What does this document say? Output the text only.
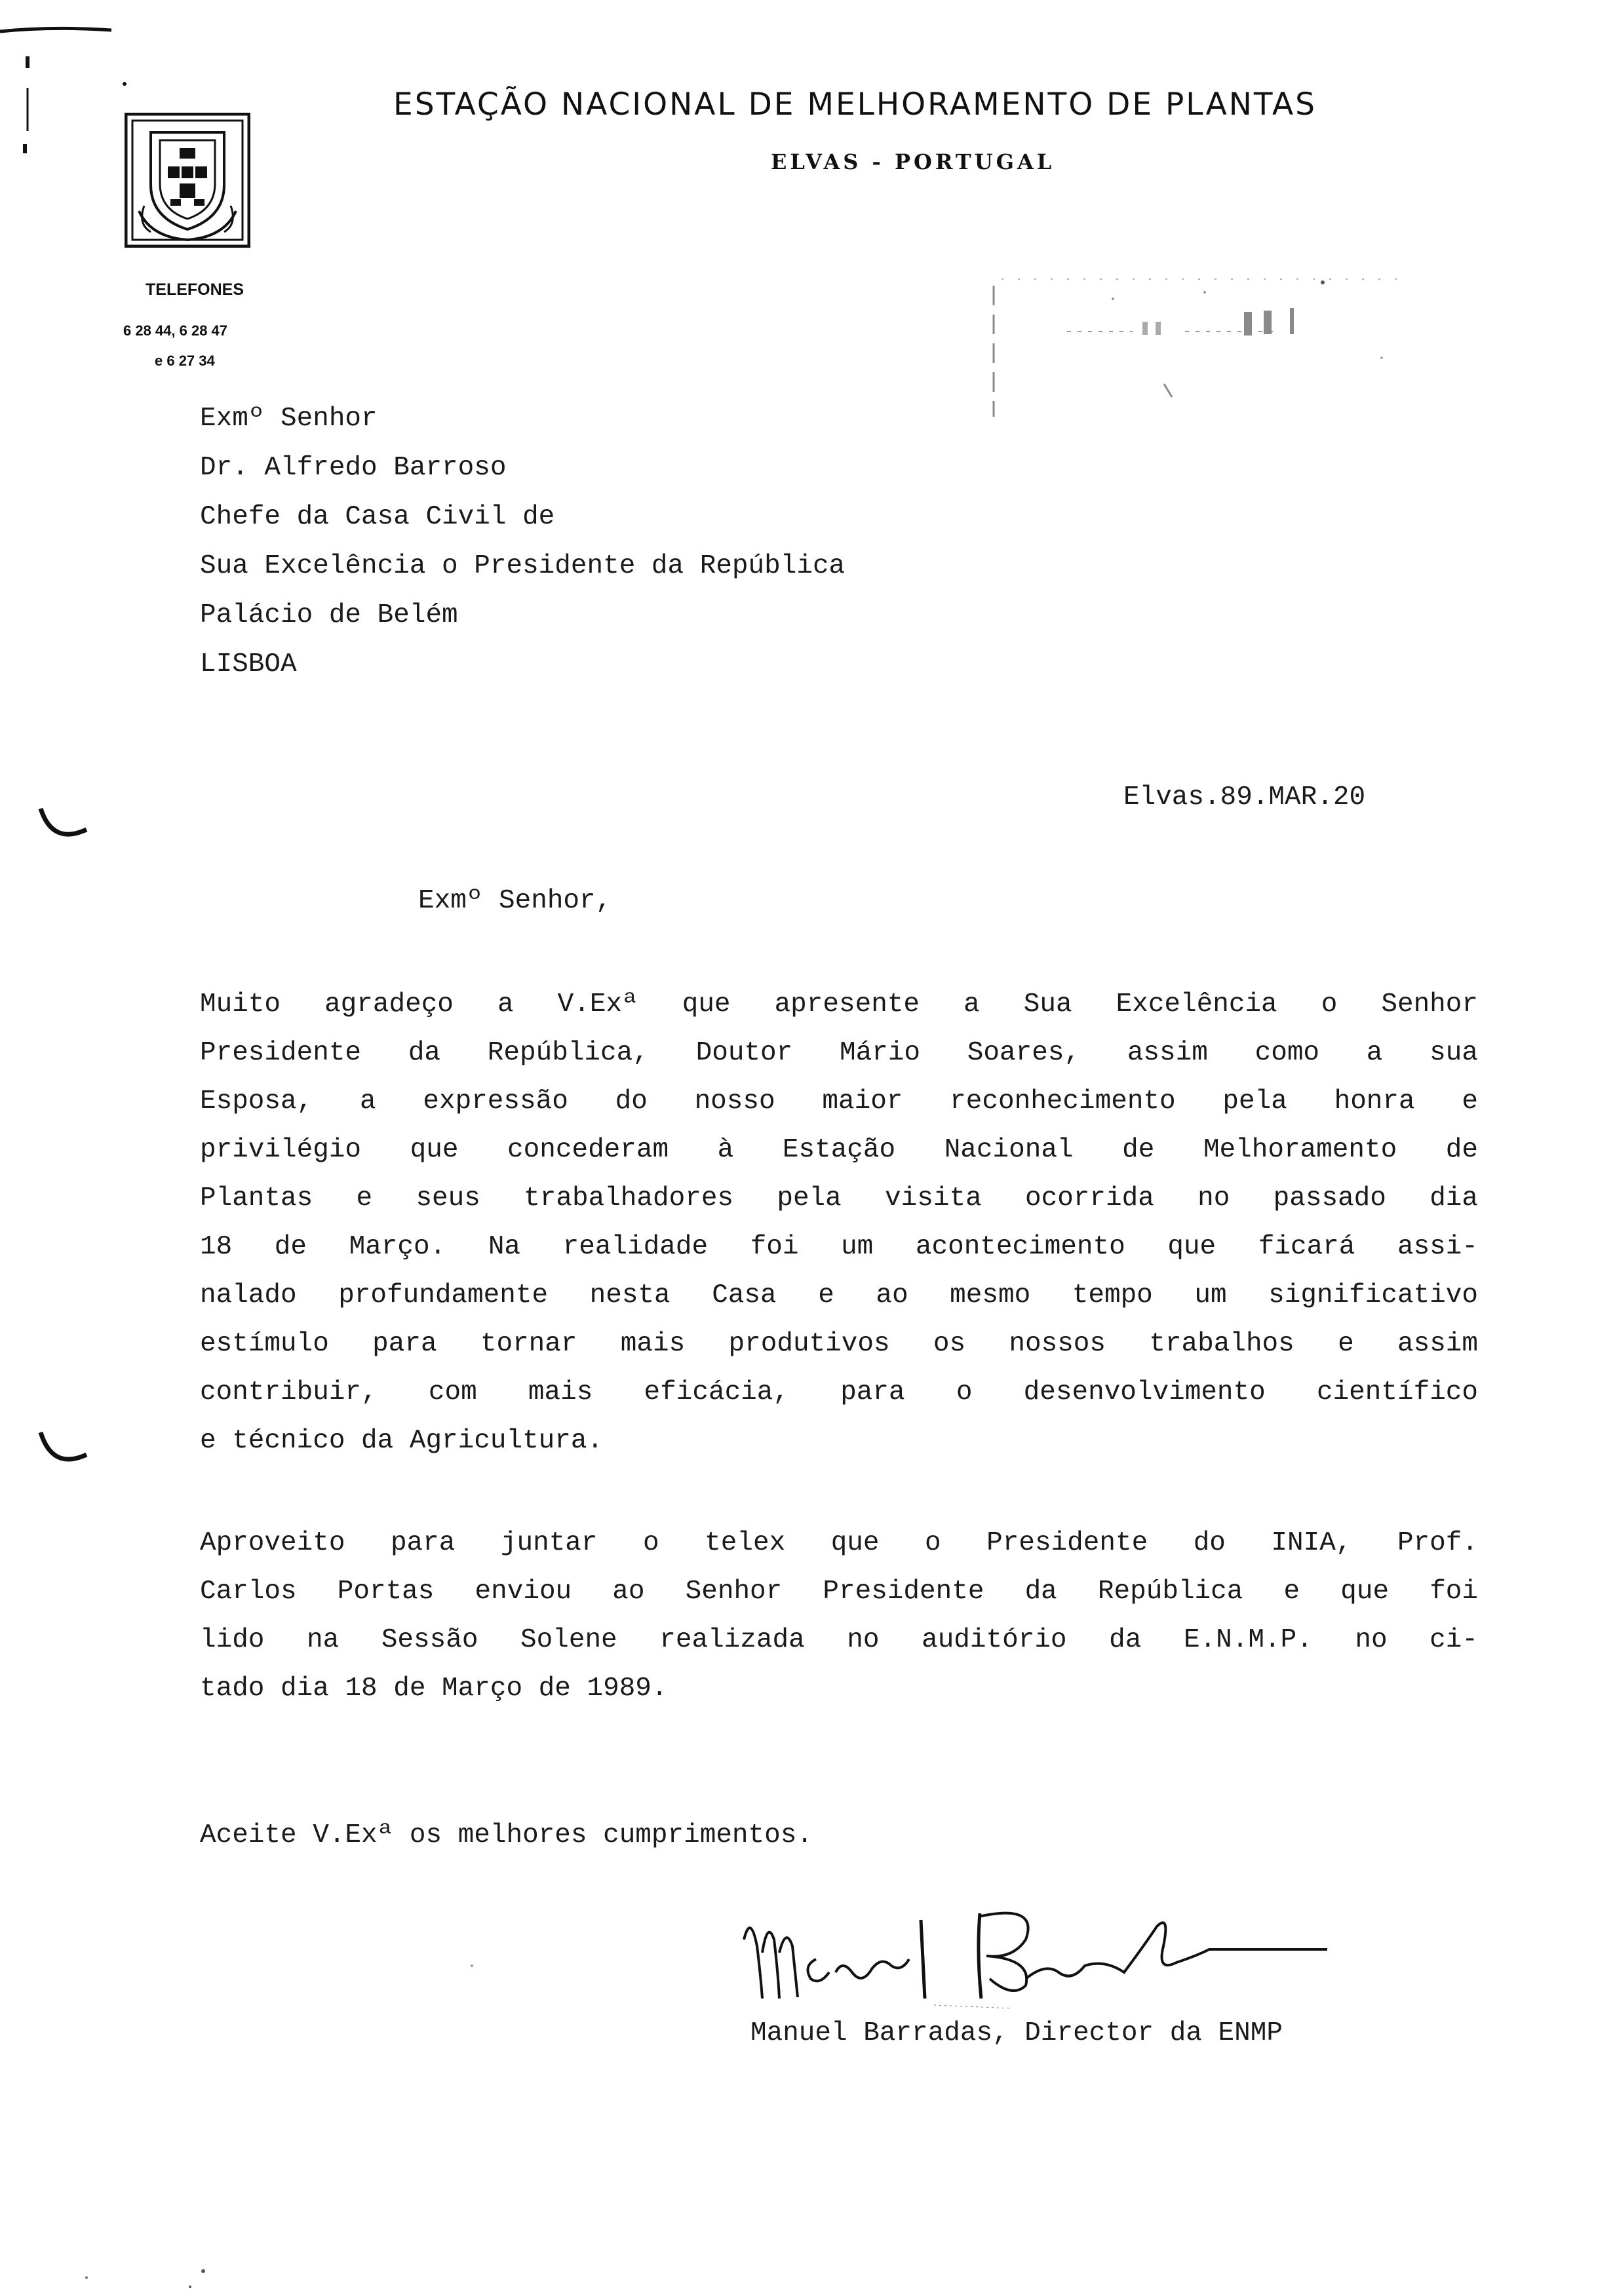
ESTAÇÃO NACIONAL DE MELHORAMENTO DE PLANTAS
ELVAS - PORTUGAL
TELEFONES
6 28 44, 6 28 47
e 6 27 34
Exmº Senhor
Dr. Alfredo Barroso
Chefe da Casa Civil de
Sua Excelência o Presidente da República
Palácio de Belém
LISBOA
Elvas.89.MAR.20
Exmº Senhor,
Muito agradeço a V.Exª que apresente a Sua Excelência o Senhor
Presidente da República, Doutor Mário Soares, assim como a sua
Esposa, a expressão do nosso maior reconhecimento pela honra e
privilégio que concederam à Estação Nacional de Melhoramento de
Plantas e seus trabalhadores pela visita ocorrida no passado dia
18 de Março. Na realidade foi um acontecimento que ficará assi-
nalado profundamente nesta Casa e ao mesmo tempo um significativo
estímulo para tornar mais produtivos os nossos trabalhos e assim
contribuir, com mais eficácia, para o desenvolvimento científico
e técnico da Agricultura.
Aproveito para juntar o telex que o Presidente do INIA, Prof.
Carlos Portas enviou ao Senhor Presidente da República e que foi
lido na Sessão Solene realizada no auditório da E.N.M.P. no ci-
tado dia 18 de Março de 1989.
Aceite V.Exª os melhores cumprimentos.
Manuel Barradas, Director da ENMP
